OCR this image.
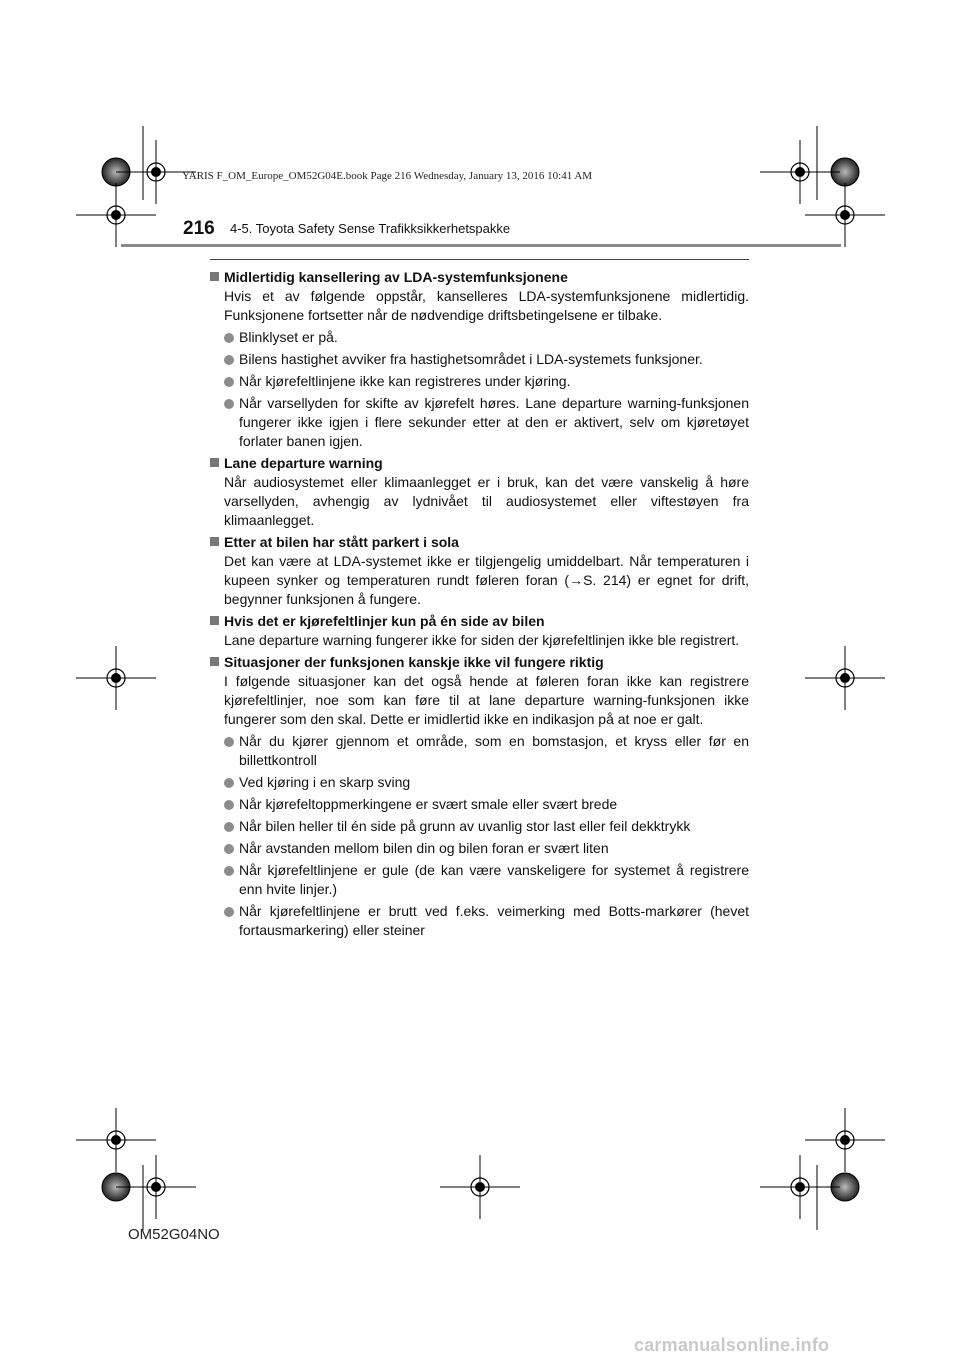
YARIS F_OM_Europe_OM52G04E.book Page 216 Wednesday, January 13, 2016 10:41 AM
216 4-5. Toyota Safety Sense Trafikksikkerhetspakke
Midlertidig kansellering av LDA-systemfunksjonene
Hvis et av følgende oppstår, kanselleres LDA-systemfunksjonene midlertidig. Funksjonene fortsetter når de nødvendige driftsbetingelsene er tilbake.
Blinklyset er på.
Bilens hastighet avviker fra hastighetsområdet i LDA-systemets funksjoner.
Når kjørefeltlinjene ikke kan registreres under kjøring.
Når varsellyden for skifte av kjørefelt høres. Lane departure warning-funksjonen fungerer ikke igjen i flere sekunder etter at den er aktivert, selv om kjøretøyet forlater banen igjen.
Lane departure warning
Når audiosystemet eller klimaanlegget er i bruk, kan det være vanskelig å høre varsellyden, avhengig av lydnivået til audiosystemet eller viftestøyen fra klimaanlegget.
Etter at bilen har stått parkert i sola
Det kan være at LDA-systemet ikke er tilgjengelig umiddelbart. Når temperaturen i kupeen synker og temperaturen rundt føleren foran (→S. 214) er egnet for drift, begynner funksjonen å fungere.
Hvis det er kjørefeltlinjer kun på én side av bilen
Lane departure warning fungerer ikke for siden der kjørefeltlinjen ikke ble registrert.
Situasjoner der funksjonen kanskje ikke vil fungere riktig
I følgende situasjoner kan det også hende at føleren foran ikke kan registrere kjørefeltlinjer, noe som kan føre til at lane departure warning-funksjonen ikke fungerer som den skal. Dette er imidlertid ikke en indikasjon på at noe er galt.
Når du kjører gjennom et område, som en bomstasjon, et kryss eller før en billettkontroll
Ved kjøring i en skarp sving
Når kjørefeltoppmerkingene er svært smale eller svært brede
Når bilen heller til én side på grunn av uvanlig stor last eller feil dekktrykk
Når avstanden mellom bilen din og bilen foran er svært liten
Når kjørefeltlinjene er gule (de kan være vanskeligere for systemet å registrere enn hvite linjer.)
Når kjørefeltlinjene er brutt ved f.eks. veimerking med Botts-markører (hevet fortausmarkering) eller steiner
OM52G04NO
carmanualsonline.info
